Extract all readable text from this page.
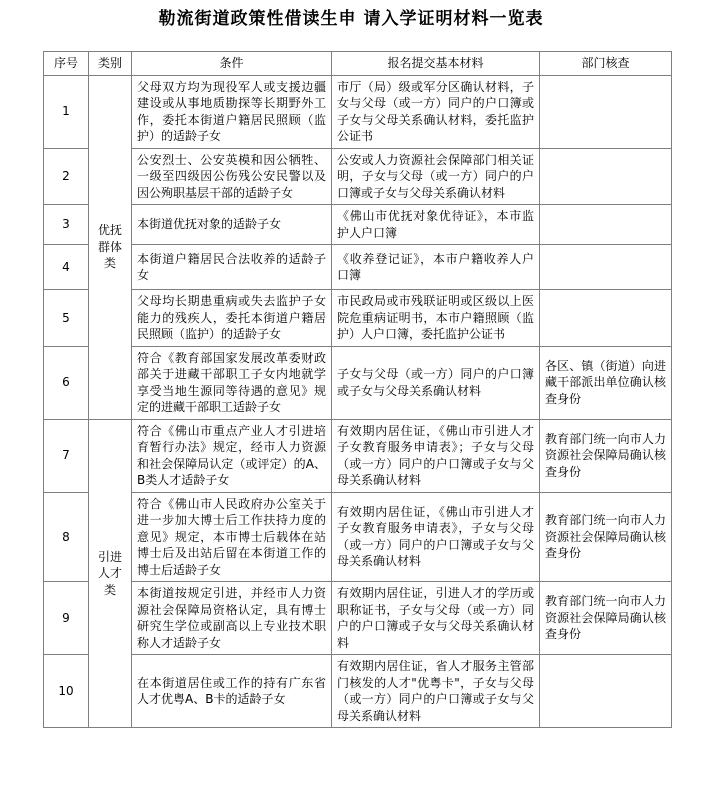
勒流街道政策性借读生申 请入学证明材料一览表
序号	类别	条件	报名提交基本材料	部门核查
1	优抚群体类	父母双方均为现役军人或支援边疆建设或从事地质勘探等长期野外工作，委托本街道户籍居民照顾（监护）的适龄子女	市厅（局）级或军分区确认材料，子女与父母（或一方）同户的户口簿或子女与父母关系确认材料，委托监护公证书	
2		公安烈士、公安英模和因公牺牲、一级至四级因公伤残公安民警以及因公殉职基层干部的适龄子女	公安或人力资源社会保障部门相关证明，子女与父母（或一方）同户的户口簿或子女与父母关系确认材料	
3		本街道优抚对象的适龄子女	《佛山市优抚对象优待证》，本市监护人户口簿	
4		本街道户籍居民合法收养的适龄子女	《收养登记证》，本市户籍收养人户口簿	
5		父母均长期患重病或失去监护子女能力的残疾人，委托本街道户籍居民照顾（监护）的适龄子女	市民政局或市残联证明或区级以上医院危重病证明书，本市户籍照顾（监护）人户口簿，委托监护公证书	
6		符合《教育部国家发展改革委财政部关于进藏干部职工子女内地就学享受当地生源同等待遇的意见》规定的进藏干部职工适龄子女	子女与父母（或一方）同户的户口簿或子女与父母关系确认材料	各区、镇（街道）向进藏干部派出单位确认核查身份
7	引进人才类	符合《佛山市重点产业人才引进培育暂行办法》规定，经市人力资源和社会保障局认定（或评定）的A、B类人才适龄子女	有效期内居住证，《佛山市引进人才子女教育服务申请表》；子女与父母（或一方）同户的户口簿或子女与父母关系确认材料	教育部门统一向市人力资源社会保障局确认核查身份
8		符合《佛山市人民政府办公室关于进一步加大博士后工作扶持力度的意见》规定，本市博士后载体在站博士后及出站后留在本街道工作的博士后适龄子女	有效期内居住证，《佛山市引进人才子女教育服务申请表》，子女与父母（或一方）同户的户口簿或子女与父母关系确认材料	教育部门统一向市人力资源社会保障局确认核查身份
9		本街道按规定引进，并经市人力资源社会保障局资格认定，具有博士研究生学位或副高以上专业技术职称人才适龄子女	有效期内居住证，引进人才的学历或职称证书，子女与父母（或一方）同户的户口簿或子女与父母关系确认材料	教育部门统一向市人力资源社会保障局确认核查身份
10		在本街道居住或工作的持有广东省人才优粤A、B卡的适龄子女	有效期内居住证，省人才服务主管部门核发的人才"优粤卡"，子女与父母（或一方）同户的户口簿或子女与父母关系确认材料	
